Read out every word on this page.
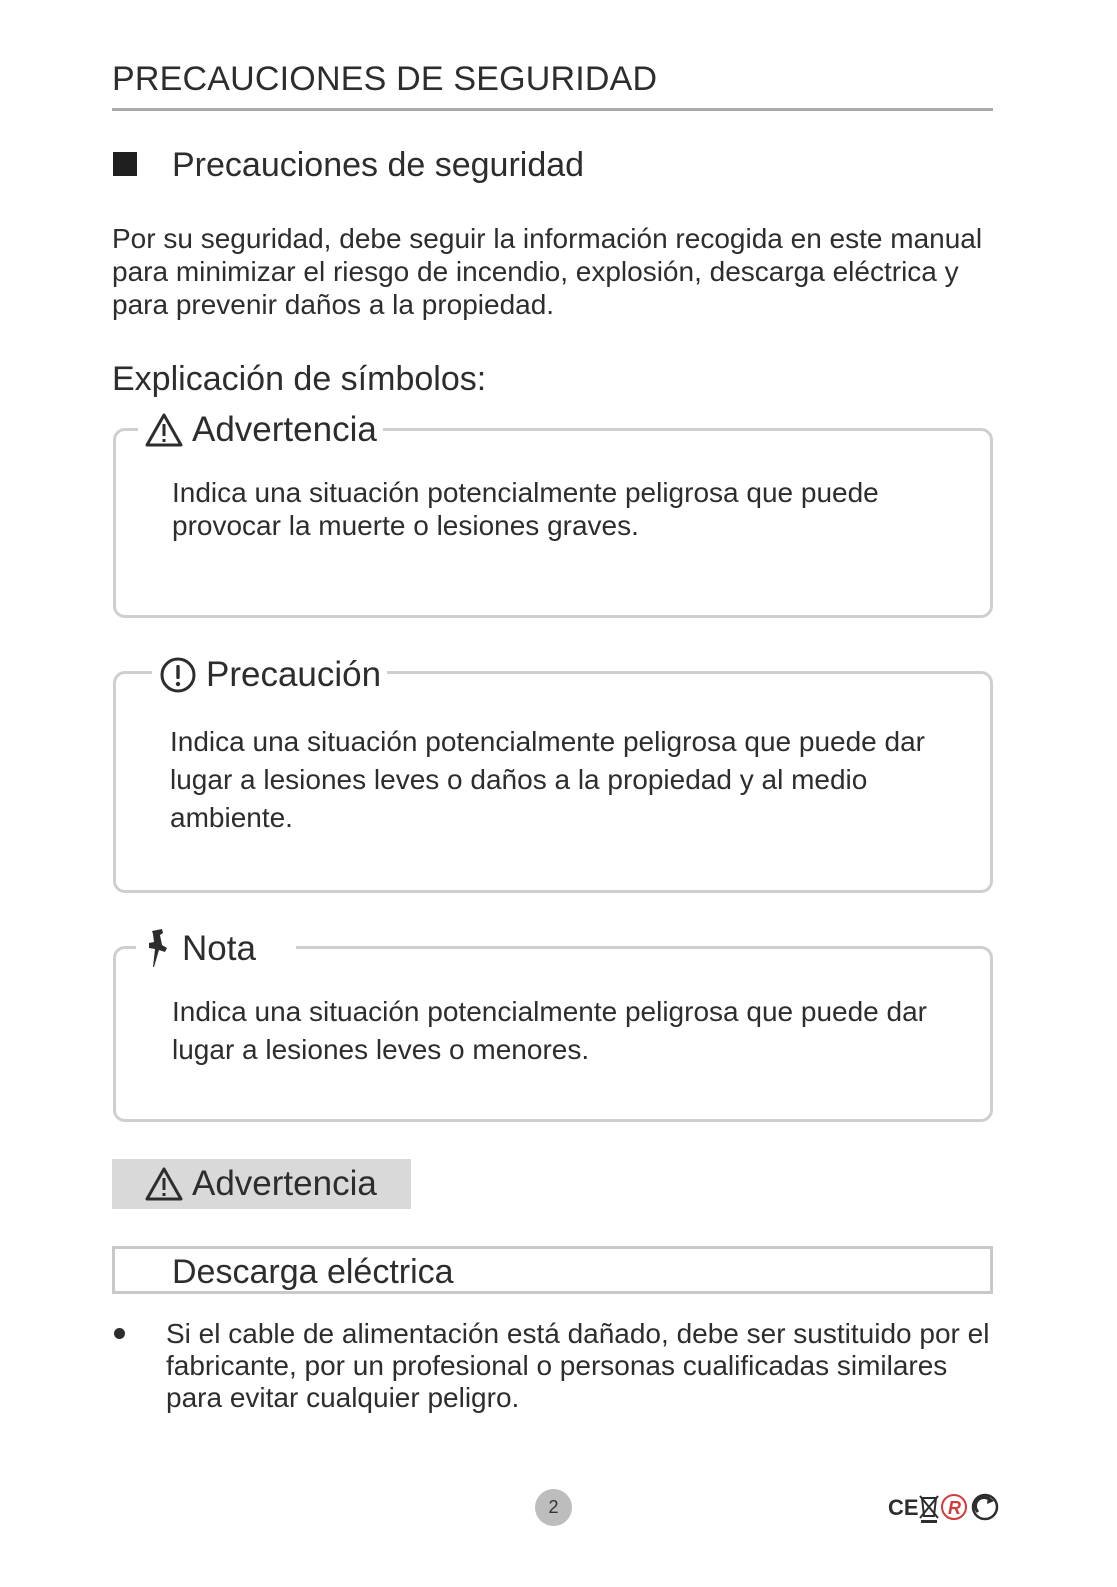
PRECAUCIONES DE SEGURIDAD
Precauciones de seguridad
Por su seguridad, debe seguir la información recogida en este manual para minimizar el riesgo de incendio, explosión, descarga eléctrica y para prevenir daños a la propiedad.
Explicación de símbolos:
Advertencia
Indica una situación potencialmente peligrosa que puede provocar la muerte o lesiones graves.
Precaución
Indica una situación potencialmente peligrosa que puede dar lugar a lesiones leves o daños a la propiedad y al medio ambiente.
Nota
Indica una situación potencialmente peligrosa que puede dar lugar a lesiones leves o menores.
Advertencia
Descarga eléctrica
Si el cable de alimentación está dañado, debe ser sustituido por el fabricante, por un profesional o personas cualificadas similares para evitar cualquier peligro.
2	CE R
